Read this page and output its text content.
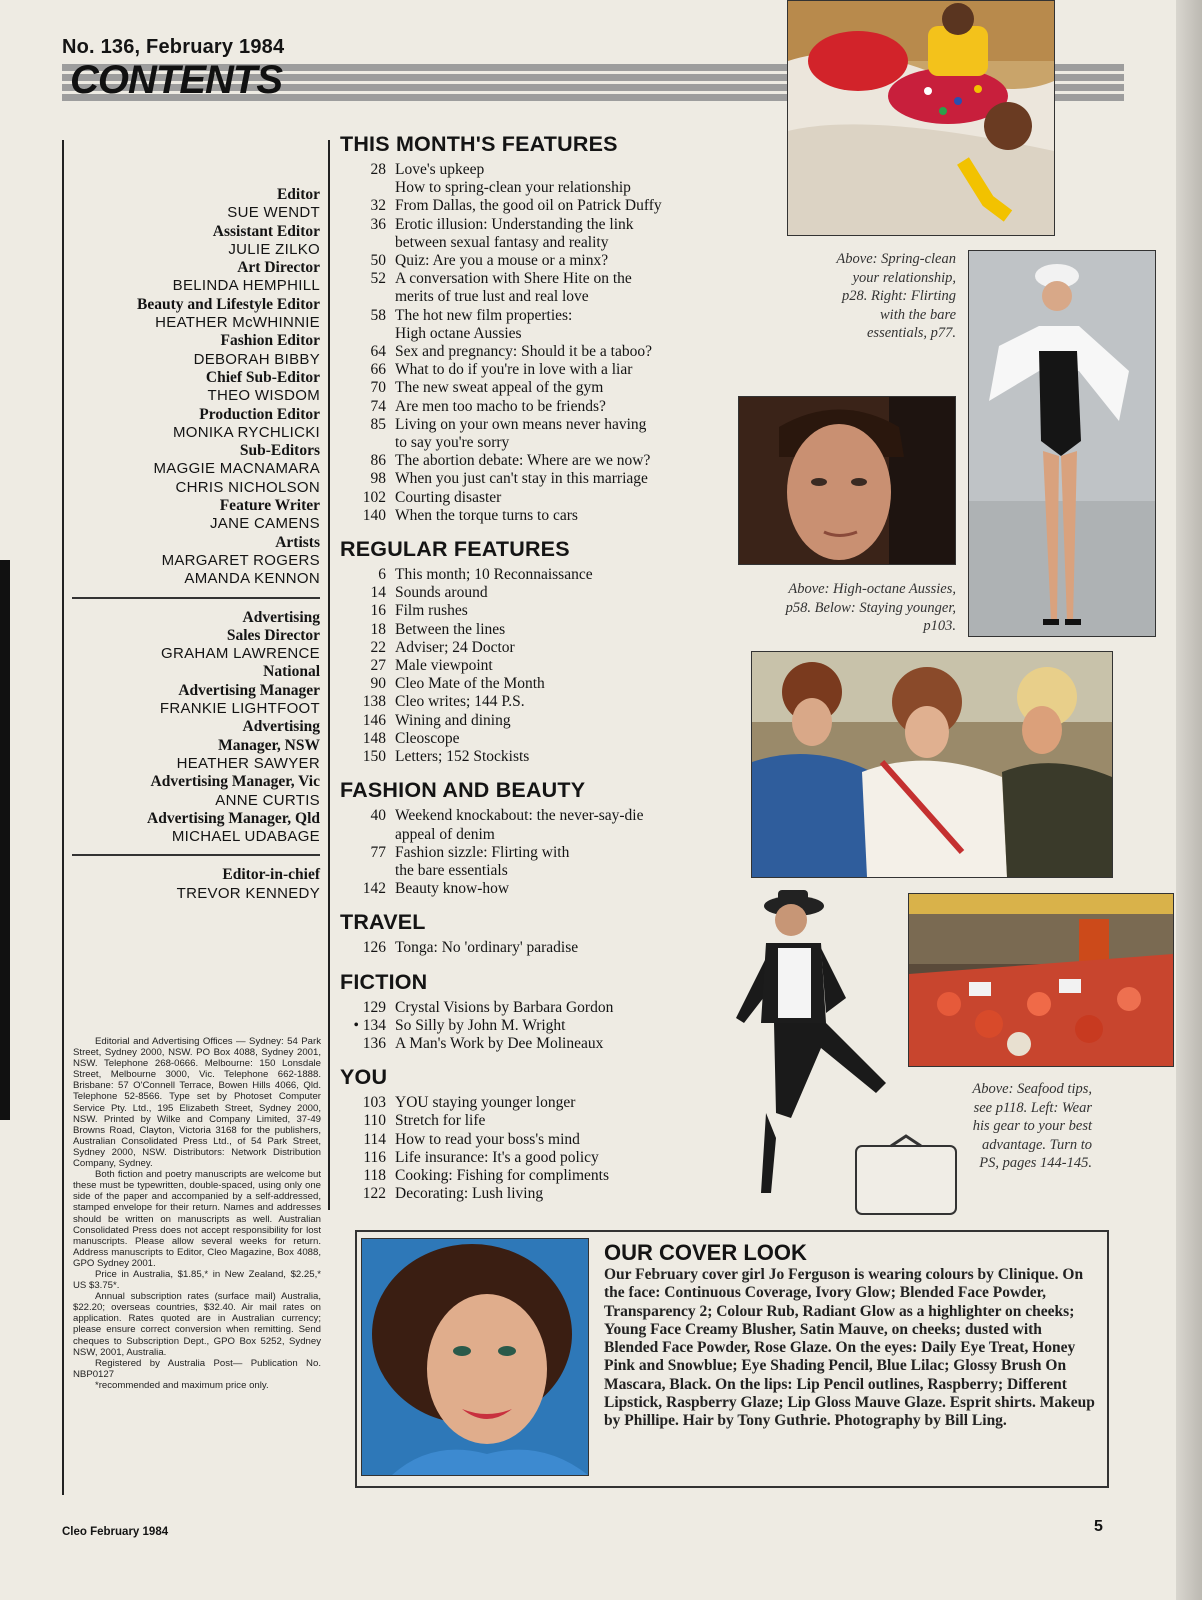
No. 136, February 1984
CONTENTS
Editor
SUE WENDT
Assistant Editor
JULIE ZILKO
Art Director
BELINDA HEMPHILL
Beauty and Lifestyle Editor
HEATHER McWHINNIE
Fashion Editor
DEBORAH BIBBY
Chief Sub-Editor
THEO WISDOM
Production Editor
MONIKA RYCHLICKI
Sub-Editors
MAGGIE MACNAMARA
CHRIS NICHOLSON
Feature Writer
JANE CAMENS
Artists
MARGARET ROGERS
AMANDA KENNON
Advertising
Sales Director
GRAHAM LAWRENCE
National
Advertising Manager
FRANKIE LIGHTFOOT
Advertising
Manager, NSW
HEATHER SAWYER
Advertising Manager, Vic
ANNE CURTIS
Advertising Manager, Qld
MICHAEL UDABAGE
Editor-in-chief
TREVOR KENNEDY

Editorial and Advertising Offices — Sydney: 54 Park Street, Sydney 2000, NSW. PO Box 4088, Sydney 2001, NSW. Telephone 268-0666. Melbourne: 150 Lonsdale Street, Melbourne 3000, Vic. Telephone 662-1888. Brisbane: 57 O'Connell Terrace, Bowen Hills 4066, Qld. Telephone 52-8566. Type set by Photoset Computer Service Pty. Ltd., 195 Elizabeth Street, Sydney 2000, NSW. Printed by Wilke and Company Limited, 37-49 Browns Road, Clayton, Victoria 3168 for the publishers, Australian Consolidated Press Ltd., of 54 Park Street, Sydney 2000, NSW. Distributors: Network Distribution Company, Sydney.

Both fiction and poetry manuscripts are welcome but these must be typewritten, double-spaced, using only one side of the paper and accompanied by a self-addressed, stamped envelope for their return. Names and addresses should be written on manuscripts as well. Australian Consolidated Press does not accept responsibility for lost manuscripts. Please allow several weeks for return. Address manuscripts to Editor, Cleo Magazine, Box 4088, GPO Sydney 2001.

Price in Australia, $1.85,* in New Zealand, $2.25,* US $3.75*.

Annual subscription rates (surface mail) Australia, $22.20; overseas countries, $32.40. Air mail rates on application. Rates quoted are in Australian currency; please ensure correct conversion when remitting. Send cheques to Subscription Dept., GPO Box 5252, Sydney NSW, 2001, Australia.

Registered by Australia Post— Publication No. NBP0127

*recommended and maximum price only.

THIS MONTH'S FEATURES
28 Love's upkeep
How to spring-clean your relationship
32 From Dallas, the good oil on Patrick Duffy
36 Erotic illusion: Understanding the link
between sexual fantasy and reality
50 Quiz: Are you a mouse or a minx?
52 A conversation with Shere Hite on the
merits of true lust and real love
58 The hot new film properties:
High octane Aussies
64 Sex and pregnancy: Should it be a taboo?
66 What to do if you're in love with a liar
70 The new sweat appeal of the gym
74 Are men too macho to be friends?
85 Living on your own means never having
to say you're sorry
86 The abortion debate: Where are we now?
98 When you just can't stay in this marriage
102 Courting disaster
140 When the torque turns to cars
REGULAR FEATURES
6 This month; 10 Reconnaissance
14 Sounds around
16 Film rushes
18 Between the lines
22 Adviser; 24 Doctor
27 Male viewpoint
90 Cleo Mate of the Month
138 Cleo writes; 144 P.S.
146 Wining and dining
148 Cleoscope
150 Letters; 152 Stockists
FASHION AND BEAUTY
40 Weekend knockabout: the never-say-die
appeal of denim
77 Fashion sizzle: Flirting with
the bare essentials
142 Beauty know-how
TRAVEL
126 Tonga: No 'ordinary' paradise
FICTION
129 Crystal Visions by Barbara Gordon
• 134 So Silly by John M. Wright
136 A Man's Work by Dee Molineaux
YOU
103 YOU staying younger longer
110 Stretch for life
114 How to read your boss's mind
116 Life insurance: It's a good policy
118 Cooking: Fishing for compliments
122 Decorating: Lush living
Above: Spring-clean your relationship, p28. Right: Flirting with the bare essentials, p77.
Above: High-octane Aussies, p58. Below: Staying younger, p103.
Above: Seafood tips, see p118. Left: Wear his gear to your best advantage. Turn to PS, pages 144-145.
OUR COVER LOOK
Our February cover girl Jo Ferguson is wearing colours by Clinique. On the face: Continuous Coverage, Ivory Glow; Blended Face Powder, Transparency 2; Colour Rub, Radiant Glow as a highlighter on cheeks; Young Face Creamy Blusher, Satin Mauve, on cheeks; dusted with Blended Face Powder, Rose Glaze. On the eyes: Daily Eye Treat, Honey Pink and Snowblue; Eye Shading Pencil, Blue Lilac; Glossy Brush On Mascara, Black. On the lips: Lip Pencil outlines, Raspberry; Different Lipstick, Raspberry Glaze; Lip Gloss Mauve Glaze. Esprit shirts. Makeup by Phillipe. Hair by Tony Guthrie. Photography by Bill Ling.
Cleo February 1984	5
